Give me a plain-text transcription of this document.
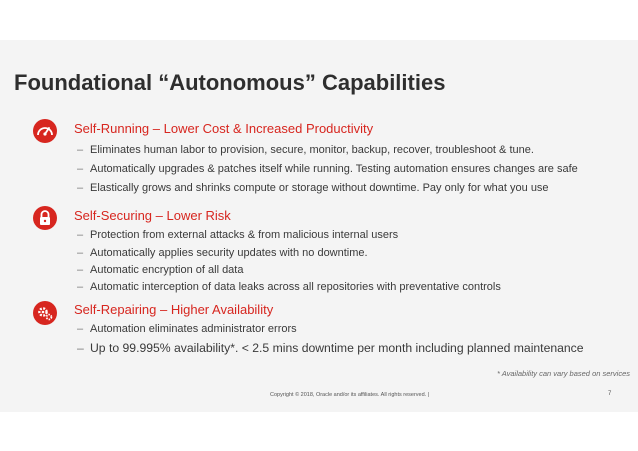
Foundational “Autonomous” Capabilities
Self-Running – Lower Cost & Increased Productivity
– Eliminates human labor to provision, secure, monitor, backup, recover, troubleshoot & tune.
– Automatically upgrades & patches itself while running. Testing automation ensures changes are safe
– Elastically grows and shrinks compute or storage without downtime. Pay only for what you use
Self-Securing – Lower Risk
– Protection from external attacks & from malicious internal users
– Automatically applies security updates with no downtime.
– Automatic encryption of all data
– Automatic interception of data leaks across all repositories with preventative controls
Self-Repairing – Higher Availability
– Automation eliminates administrator errors
– Up to 99.995% availability*. < 2.5 mins downtime per month including planned maintenance
* Availability can vary based on services
Copyright © 2018, Oracle and/or its affiliates. All rights reserved. |	7
